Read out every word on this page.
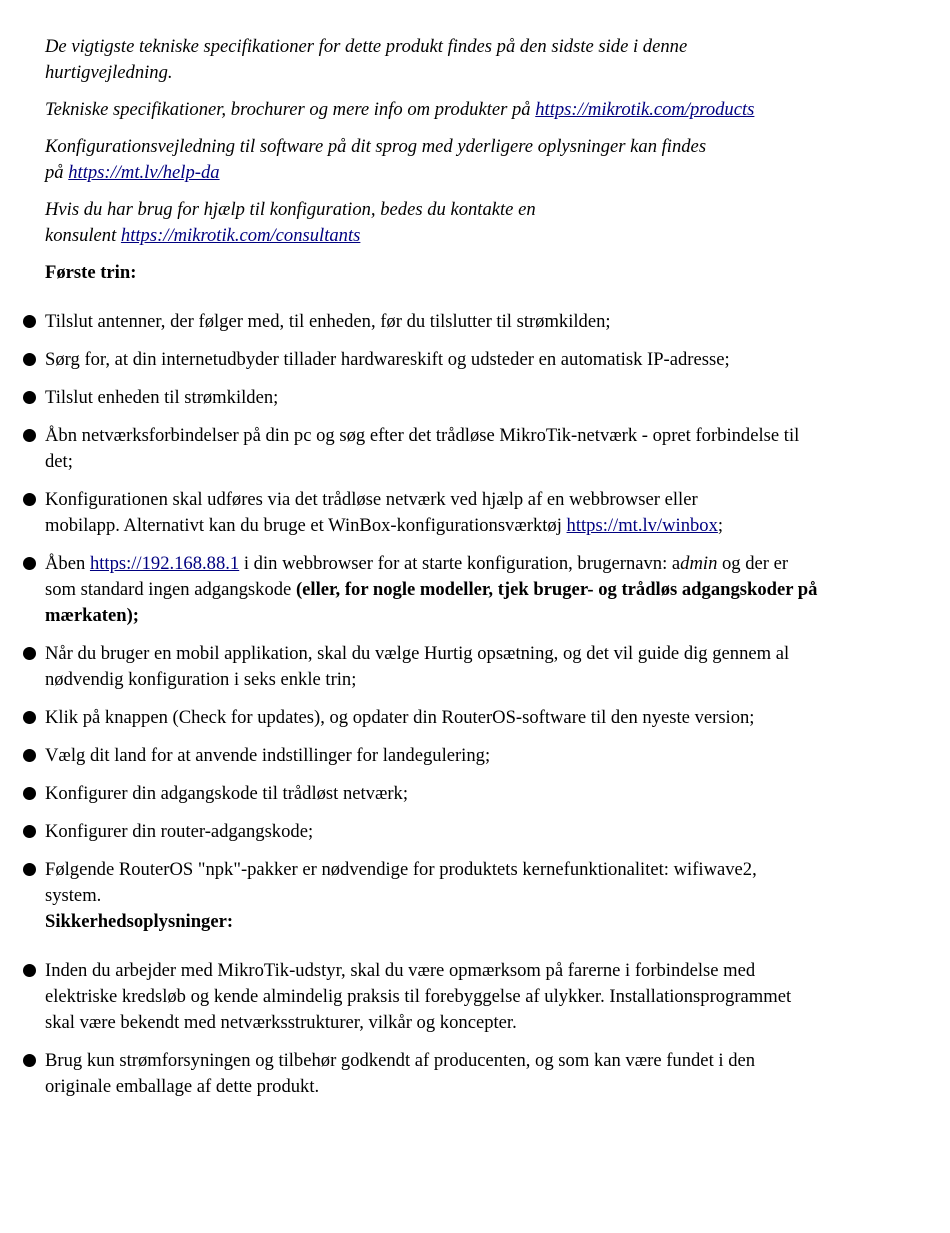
De vigtigste tekniske specifikationer for dette produkt findes på den sidste side i denne
hurtigvejledning.

Tekniske specifikationer, brochurer og mere info om produkter på https://mikrotik.com/products

Konfigurationsvejledning til software på dit sprog med yderligere oplysninger kan findes
på https://mt.lv/help-da

Hvis du har brug for hjælp til konfiguration, bedes du kontakte en
konsulent https://mikrotik.com/consultants

Første trin:

Tilslut antenner, der følger med, til enheden, før du tilslutter til strømkilden;
Sørg for, at din internetudbyder tillader hardwareskift og udsteder en automatisk IP-adresse;
Tilslut enheden til strømkilden;
Åbn netværksforbindelser på din pc og søg efter det trådløse MikroTik-netværk - opret forbindelse til
det;
Konfigurationen skal udføres via det trådløse netværk ved hjælp af en webbrowser eller
mobilapp. Alternativt kan du bruge et WinBox-konfigurationsværktøj https://mt.lv/winbox;
Åben https://192.168.88.1 i din webbrowser for at starte konfiguration, brugernavn: admin og der er
som standard ingen adgangskode (eller, for nogle modeller, tjek bruger- og trådløs adgangskoder på
mærkaten);
Når du bruger en mobil applikation, skal du vælge Hurtig opsætning, og det vil guide dig gennem al
nødvendig konfiguration i seks enkle trin;
Klik på knappen (Check for updates), og opdater din RouterOS-software til den nyeste version;
Vælg dit land for at anvende indstillinger for landegulering;
Konfigurer din adgangskode til trådløst netværk;
Konfigurer din router-adgangskode;
Følgende RouterOS "npk"-pakker er nødvendige for produktets kernefunktionalitet: wifiwave2,
system.
Sikkerhedsoplysninger:
Inden du arbejder med MikroTik-udstyr, skal du være opmærksom på farerne i forbindelse med
elektriske kredsløb og kende almindelig praksis til forebyggelse af ulykker. Installationsprogrammet
skal være bekendt med netværksstrukturer, vilkår og koncepter.
Brug kun strømforsyningen og tilbehør godkendt af producenten, og som kan være fundet i den
originale emballage af dette produkt.
